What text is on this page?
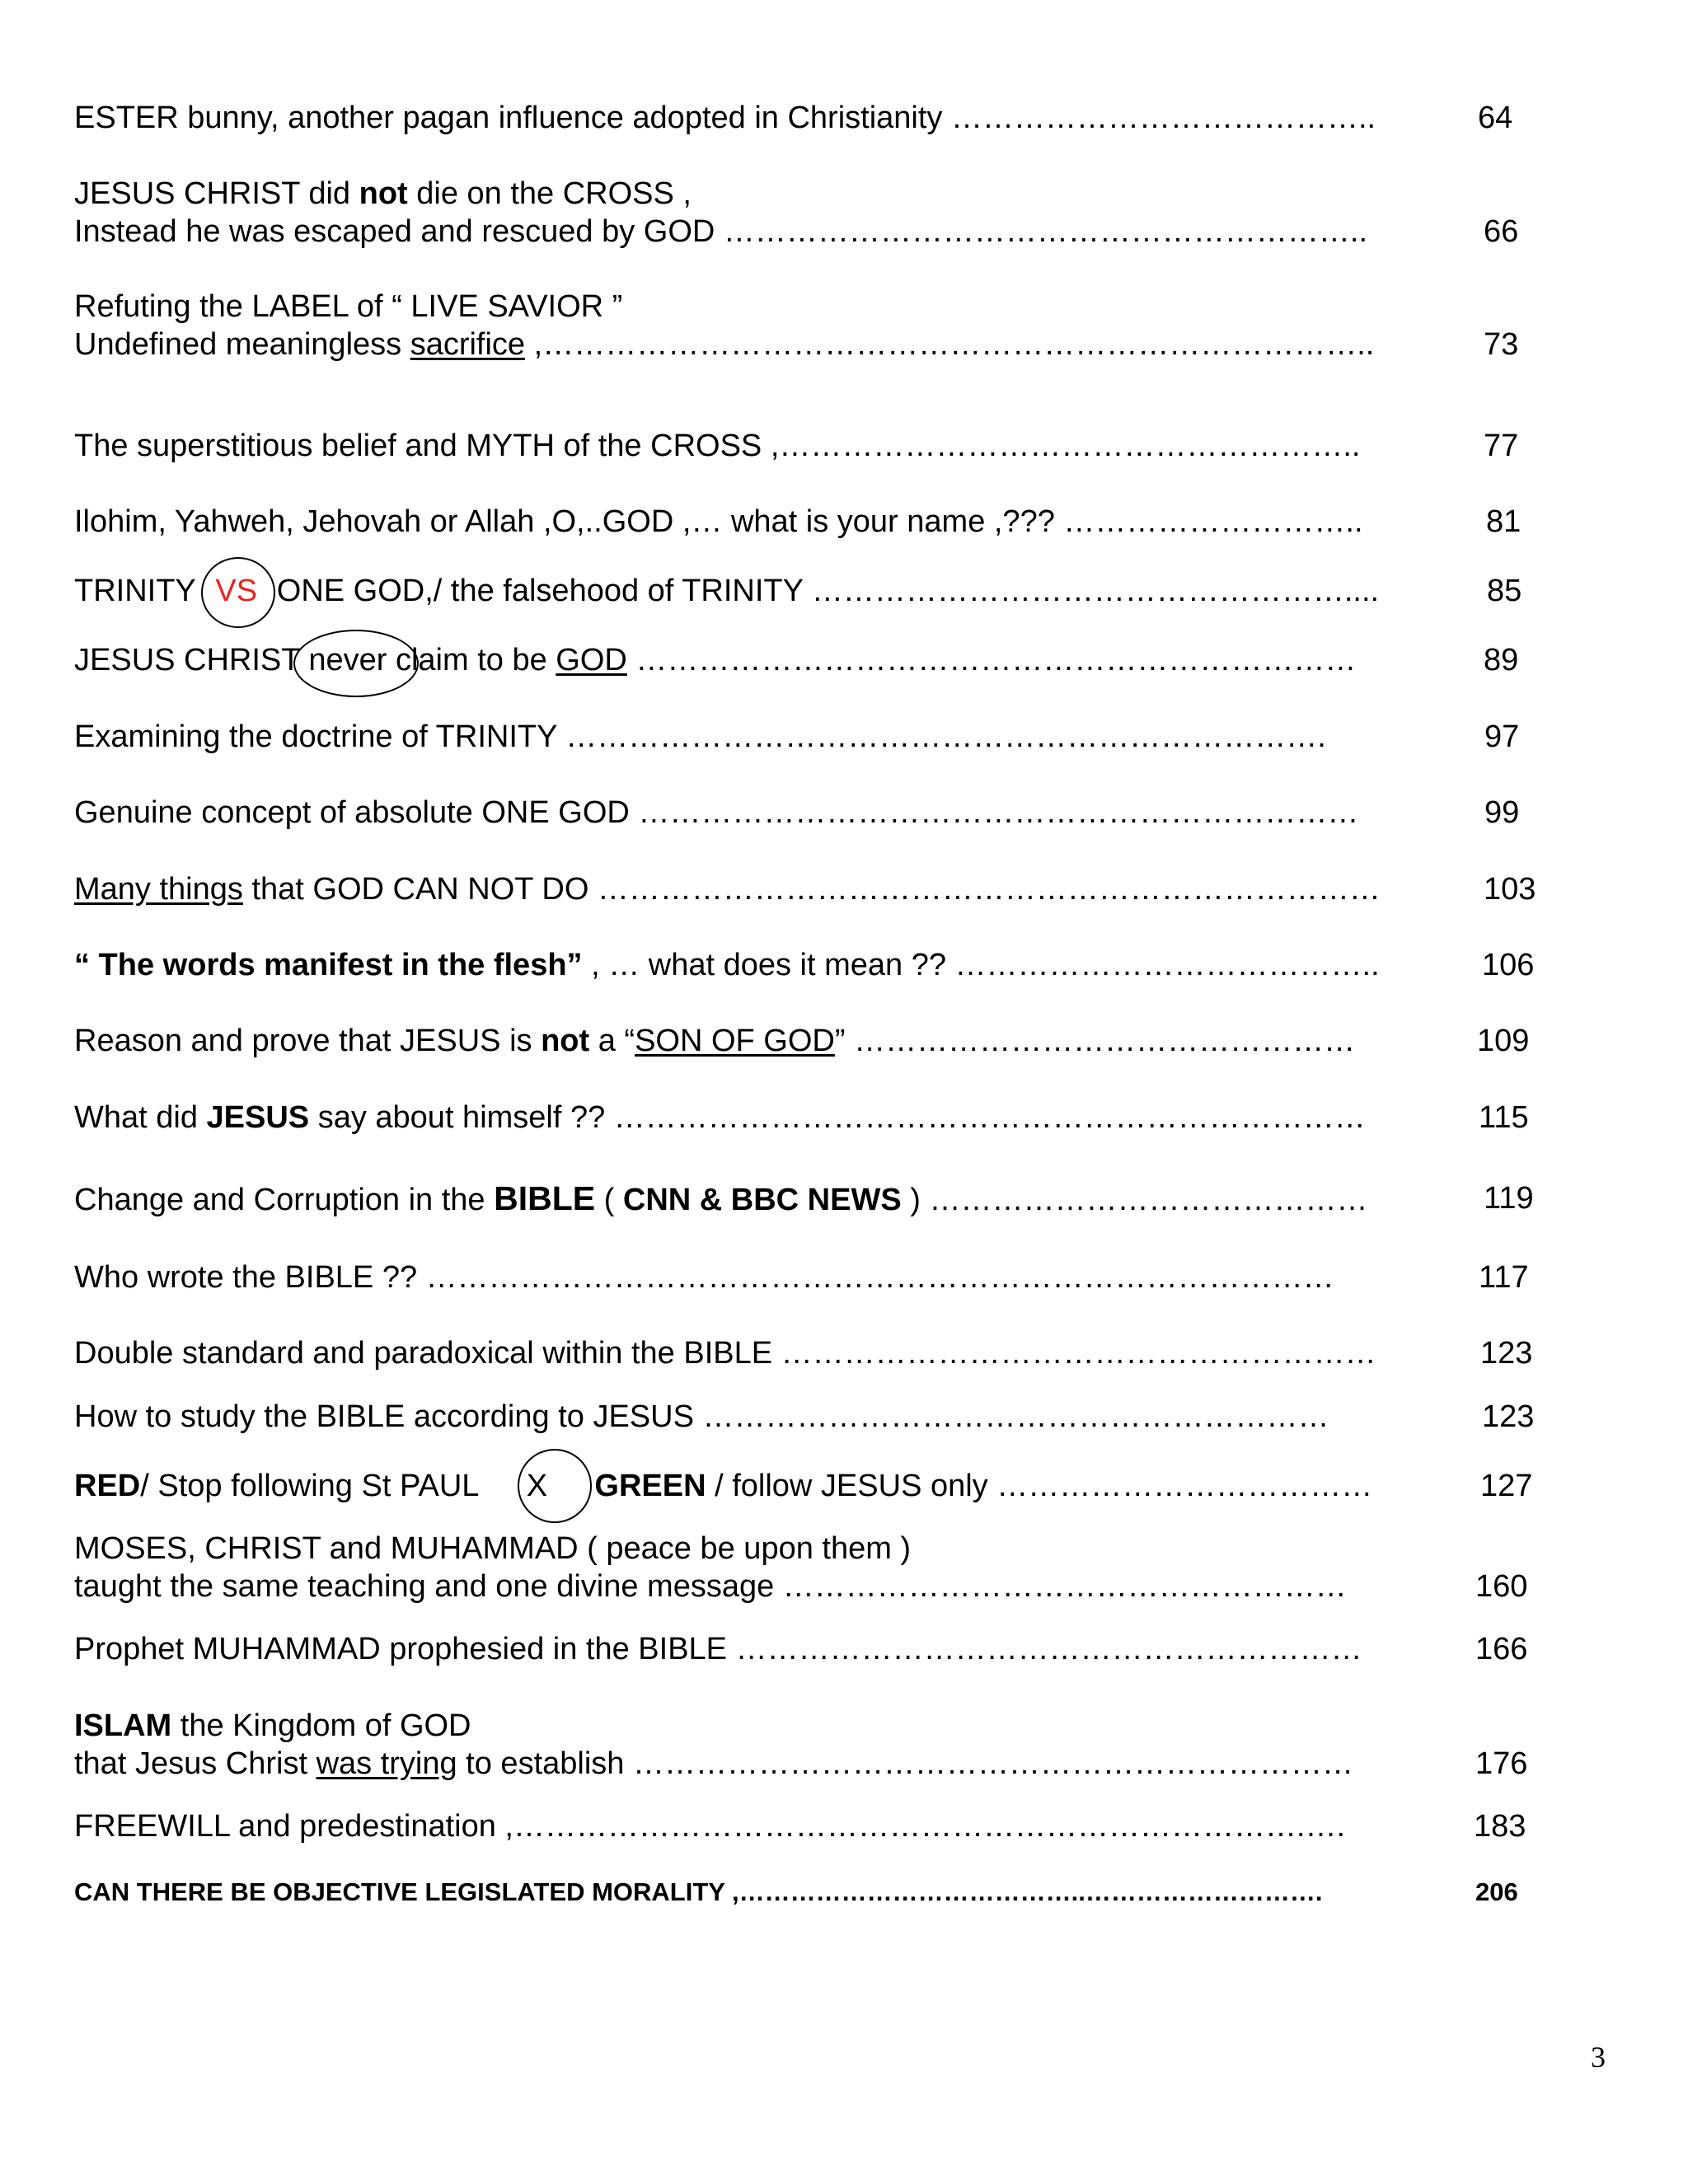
ESTER bunny, another pagan influence adopted in Christianity …………………………………..	64
JESUS CHRIST did not die on the CROSS ,
Instead he was escaped and rescued by GOD ……………………………………………………..	66
Refuting the LABEL of “ LIVE SAVIOR ”
Undefined meaningless sacrifice ,……………………………………………………………………..	73
The superstitious belief and MYTH of the CROSS ,………………………………………………..	77
Ilohim, Yahweh, Jehovah or Allah ,O,..GOD ,… what is your name ,??? ………………………..	81
TRINITY VS ONE GOD,/ the falsehood of TRINITY ……………………………………………....	85
JESUS CHRIST never claim to be GOD ……………………………………………………………	89
Examining the doctrine of TRINITY ……………………………………………………………….	97
Genuine concept of absolute ONE GOD ……………………………………………………………	99
Many things that GOD CAN NOT DO …………………………………………………………………	103
“ The words manifest in the flesh” , … what does it mean ?? …………………………………..	106
Reason and prove that JESUS is not a “SON OF GOD” …………………………………………	109
What did JESUS say about himself ?? ………………………………………………………………	115
Change and Corruption in the BIBLE ( CNN & BBC NEWS ) ……………………………………	119
Who wrote the BIBLE ?? ……………………………………………………………………………	117
Double standard and paradoxical within the BIBLE …………………………………………………	123
How to study the BIBLE according to JESUS ……………………………………………………	123
RED/ Stop following St PAUL X GREEN / follow JESUS only ………………………………	127
MOSES, CHRIST and MUHAMMAD ( peace be upon them )
taught the same teaching and one divine message ………………………………………………	160
Prophet MUHAMMAD prophesied in the BIBLE ……………………………………………………	166
ISLAM the Kingdom of GOD
that Jesus Christ was trying to establish ……………………………………………………………	176
FREEWILL and predestination ,………………………………………………………………….….	183
CAN THERE BE OBJECTIVE LEGISLATED MORALITY ,…………………………………..……………………….	206
3
